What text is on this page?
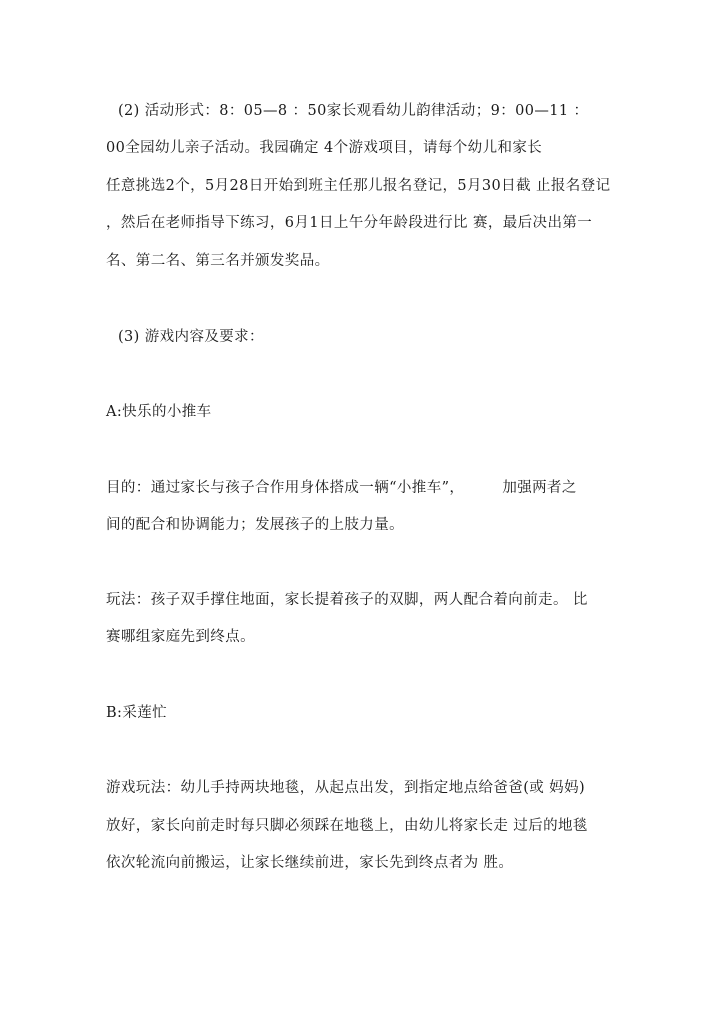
(2) 活动形式：8：05—8 ：50家长观看幼儿韵律活动；9：00—11 ：
00全园幼儿亲子活动。我园确定 4个游戏项目，请每个幼儿和家长
任意挑选2个，5月28日开始到班主任那儿报名登记，5月30日截 止报名登记
，然后在老师指导下练习，6月1日上午分年龄段进行比 赛，最后决出第一
名、第二名、第三名并颁发奖品。
(3) 游戏内容及要求：
A:快乐的小推车
目的：通过家长与孩子合作用身体搭成一辆“小推车”，	加强两者之
间的配合和协调能力；发展孩子的上肢力量。
玩法：孩子双手撑住地面，家长提着孩子的双脚，两人配合着向前走。 比
赛哪组家庭先到终点。
B:采莲忙
游戏玩法：幼儿手持两块地毯，从起点出发，到指定地点给爸爸(或 妈妈)
放好，家长向前走时每只脚必须踩在地毯上，由幼儿将家长走 过后的地毯
依次轮流向前搬运，让家长继续前进，家长先到终点者为 胜。
